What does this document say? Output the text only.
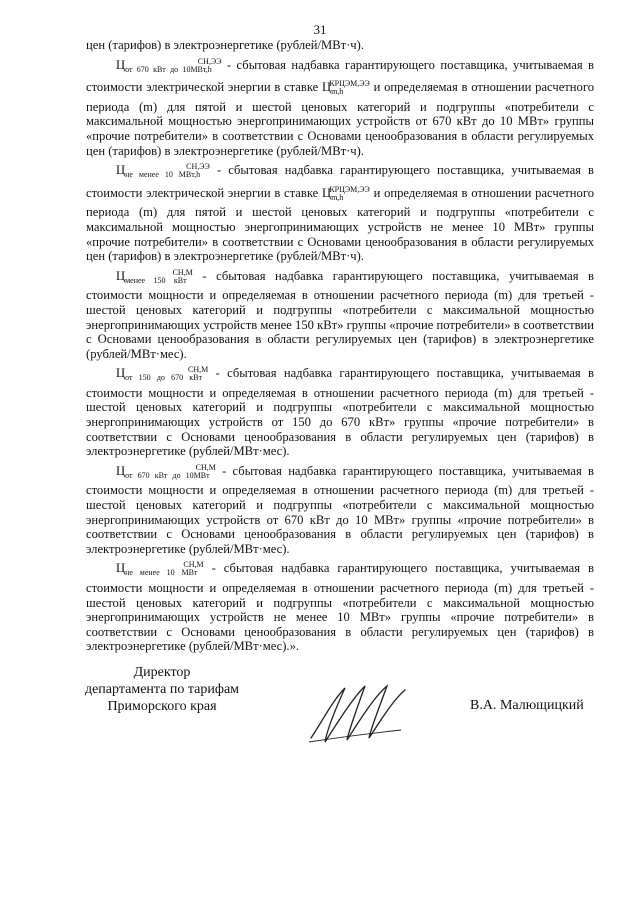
31

цен (тарифов) в электроэнергетике (рублей/МВт·ч).

$Ц_{от 670 кВт до 10МВт,h}^{СН,ЭЭ}$ - сбытовая надбавка гарантирующего поставщика, учитываемая в стоимости электрической энергии в ставке $Ц_{m,h}^{КРЦЭМ,ЭЭ}$ и определяемая в отношении расчетного периода (m) для пятой и шестой ценовых категорий и подгруппы «потребители с максимальной мощностью энергопринимающих устройств от 670 кВт до 10 МВт» группы «прочие потребители» в соответствии с Основами ценообразования в области регулируемых цен (тарифов) в электроэнергетике (рублей/МВт·ч).

$Ц_{не менее 10 МВт,h}^{СН,ЭЭ}$ - сбытовая надбавка гарантирующего поставщика, учитываемая в стоимости электрической энергии в ставке $Ц_{m,h}^{КРЦЭМ,ЭЭ}$ и определяемая в отношении расчетного периода (m) для пятой и шестой ценовых категорий и подгруппы «потребители с максимальной мощностью энергопринимающих устройств не менее 10 МВт» группы «прочие потребители» в соответствии с Основами ценообразования в области регулируемых цен (тарифов) в электроэнергетике (рублей/МВт·ч).

$Ц_{менее 150 кВт}^{СН,М}$ - сбытовая надбавка гарантирующего поставщика, учитываемая в стоимости мощности и определяемая в отношении расчетного периода (m) для третьей - шестой ценовых категорий и подгруппы «потребители с максимальной мощностью энергопринимающих устройств менее 150 кВт» группы «прочие потребители» в соответствии с Основами ценообразования в области регулируемых цен (тарифов) в электроэнергетике (рублей/МВт·мес).

$Ц_{от 150 до 670 кВт}^{СН,М}$ - сбытовая надбавка гарантирующего поставщика, учитываемая в стоимости мощности и определяемая в отношении расчетного периода (m) для третьей - шестой ценовых категорий и подгруппы «потребители с максимальной мощностью энергопринимающих устройств от 150 до 670 кВт» группы «прочие потребители» в соответствии с Основами ценообразования в области регулируемых цен (тарифов) в электроэнергетике (рублей/МВт·мес).

$Ц_{от 670 кВт до 10МВт}^{СН,М}$ - сбытовая надбавка гарантирующего поставщика, учитываемая в стоимости мощности и определяемая в отношении расчетного периода (m) для третьей - шестой ценовых категорий и подгруппы «потребители с максимальной мощностью энергопринимающих устройств от 670 кВт до 10 МВт» группы «прочие потребители» в соответствии с Основами ценообразования в области регулируемых цен (тарифов) в электроэнергетике (рублей/МВт·мес).

$Ц_{не менее 10 МВт}^{СН,М}$ - сбытовая надбавка гарантирующего поставщика, учитываемая в стоимости мощности и определяемая в отношении расчетного периода (m) для третьей - шестой ценовых категорий и подгруппы «потребители с максимальной мощностью энергопринимающих устройств не менее 10 МВт» группы «прочие потребители» в соответствии с Основами ценообразования в области регулируемых цен (тарифов) в электроэнергетике (рублей/МВт·мес).».

Директор
департамента по тарифам
Приморского края	В.А. Малющицкий
